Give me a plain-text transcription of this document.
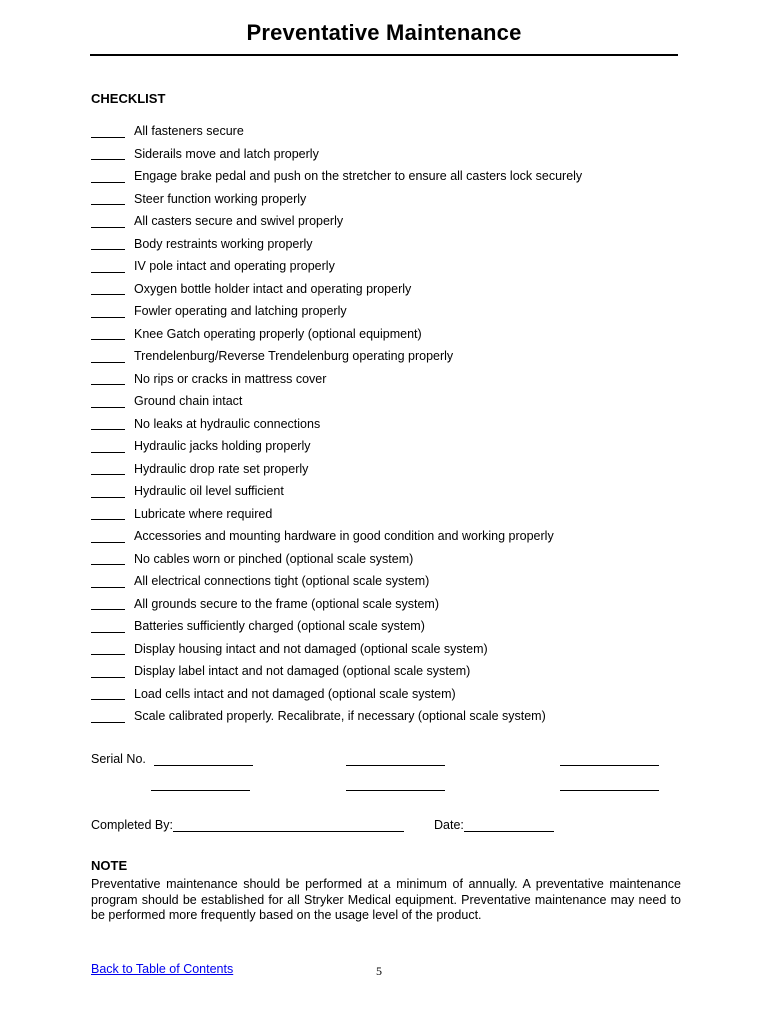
Preventative Maintenance
CHECKLIST
All fasteners secure
Siderails move and latch properly
Engage brake pedal and push on the stretcher to ensure all casters lock securely
Steer function working properly
All casters secure and swivel properly
Body restraints working properly
IV pole intact and operating properly
Oxygen bottle holder intact and operating properly
Fowler operating and latching properly
Knee Gatch operating properly (optional equipment)
Trendelenburg/Reverse Trendelenburg operating properly
No rips or cracks in mattress cover
Ground chain intact
No leaks at hydraulic connections
Hydraulic jacks holding properly
Hydraulic drop rate set properly
Hydraulic oil level sufficient
Lubricate where required
Accessories and mounting hardware in good condition and working properly
No cables worn or pinched (optional scale system)
All electrical connections tight (optional scale system)
All grounds secure to the frame (optional scale system)
Batteries sufficiently charged (optional scale system)
Display housing intact and not damaged (optional scale system)
Display label intact and not damaged (optional scale system)
Load cells intact and not damaged (optional scale system)
Scale calibrated properly. Recalibrate, if necessary (optional scale system)
Serial No.
Completed By:	Date:
NOTE
Preventative maintenance should be performed at a minimum of annually. A preventative maintenance program should be established for all Stryker Medical equipment. Preventative maintenance may need to be performed more frequently based on the usage level of the product.
Back to Table of Contents	5
